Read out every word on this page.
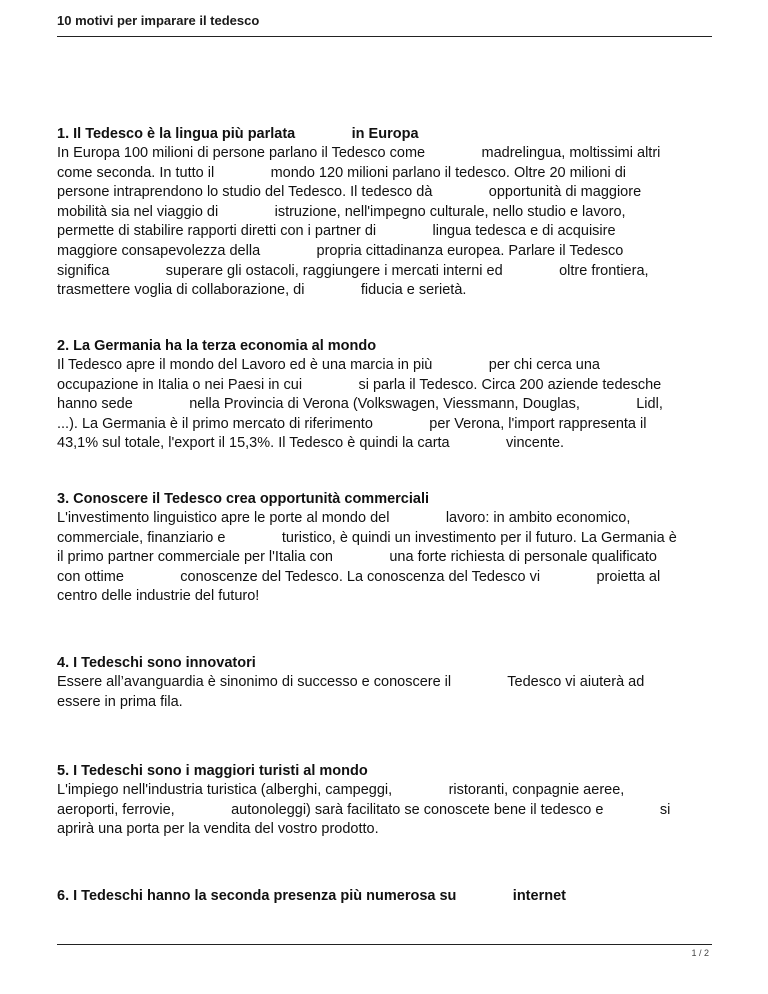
10 motivi per imparare il tedesco
1. Il Tedesco è la lingua più parlata              in Europa

In Europa 100 milioni di persone parlano il Tedesco come              madrelingua, moltissimi altri
come seconda. In tutto il              mondo 120 milioni parlano il tedesco. Oltre 20 milioni di
persone intraprendono lo studio del Tedesco. Il tedesco dà              opportunità di maggiore
mobilità sia nel viaggio di              istruzione, nell'impegno culturale, nello studio e lavoro,
permette di stabilire rapporti diretti con i partner di              lingua tedesca e di acquisire
maggiore consapevolezza della              propria cittadinanza europea. Parlare il Tedesco
significa              superare gli ostacoli, raggiungere i mercati interni ed              oltre frontiera,
trasmettere voglia di collaborazione, di              fiducia e serietà.

2. La Germania ha la terza economia al mondo

Il Tedesco apre il mondo del Lavoro ed è una marcia in più              per chi cerca una
occupazione in Italia o nei Paesi in cui              si parla il Tedesco. Circa 200 aziende tedesche
hanno sede              nella Provincia di Verona (Volkswagen, Viessmann, Douglas,              Lidl,
...). La Germania è il primo mercato di riferimento              per Verona, l'import rappresenta il
43,1% sul totale, l'export il 15,3%. Il Tedesco è quindi la carta              vincente.

3. Conoscere il Tedesco crea opportunità commerciali

L'investimento linguistico apre le porte al mondo del              lavoro: in ambito economico,
commerciale, finanziario e              turistico, è quindi un investimento per il futuro. La Germania è
il primo partner commerciale per l'Italia con              una forte richiesta di personale qualificato
con ottime              conoscenze del Tedesco. La conoscenza del Tedesco vi              proietta al
centro delle industrie del futuro!

4. I Tedeschi sono innovatori

Essere all’avanguardia è sinonimo di successo e conoscere il              Tedesco vi aiuterà ad
essere in prima fila.

5. I Tedeschi sono i maggiori turisti al mondo

L'impiego nell'industria turistica (alberghi, campeggi,              ristoranti, conpagnie aeree,
aeroporti, ferrovie,              autonoleggi) sarà facilitato se conoscete bene il tedesco e              si
aprirà una porta per la vendita del vostro prodotto.

6. I Tedeschi hanno la seconda presenza più numerosa su              internet
1 / 2
